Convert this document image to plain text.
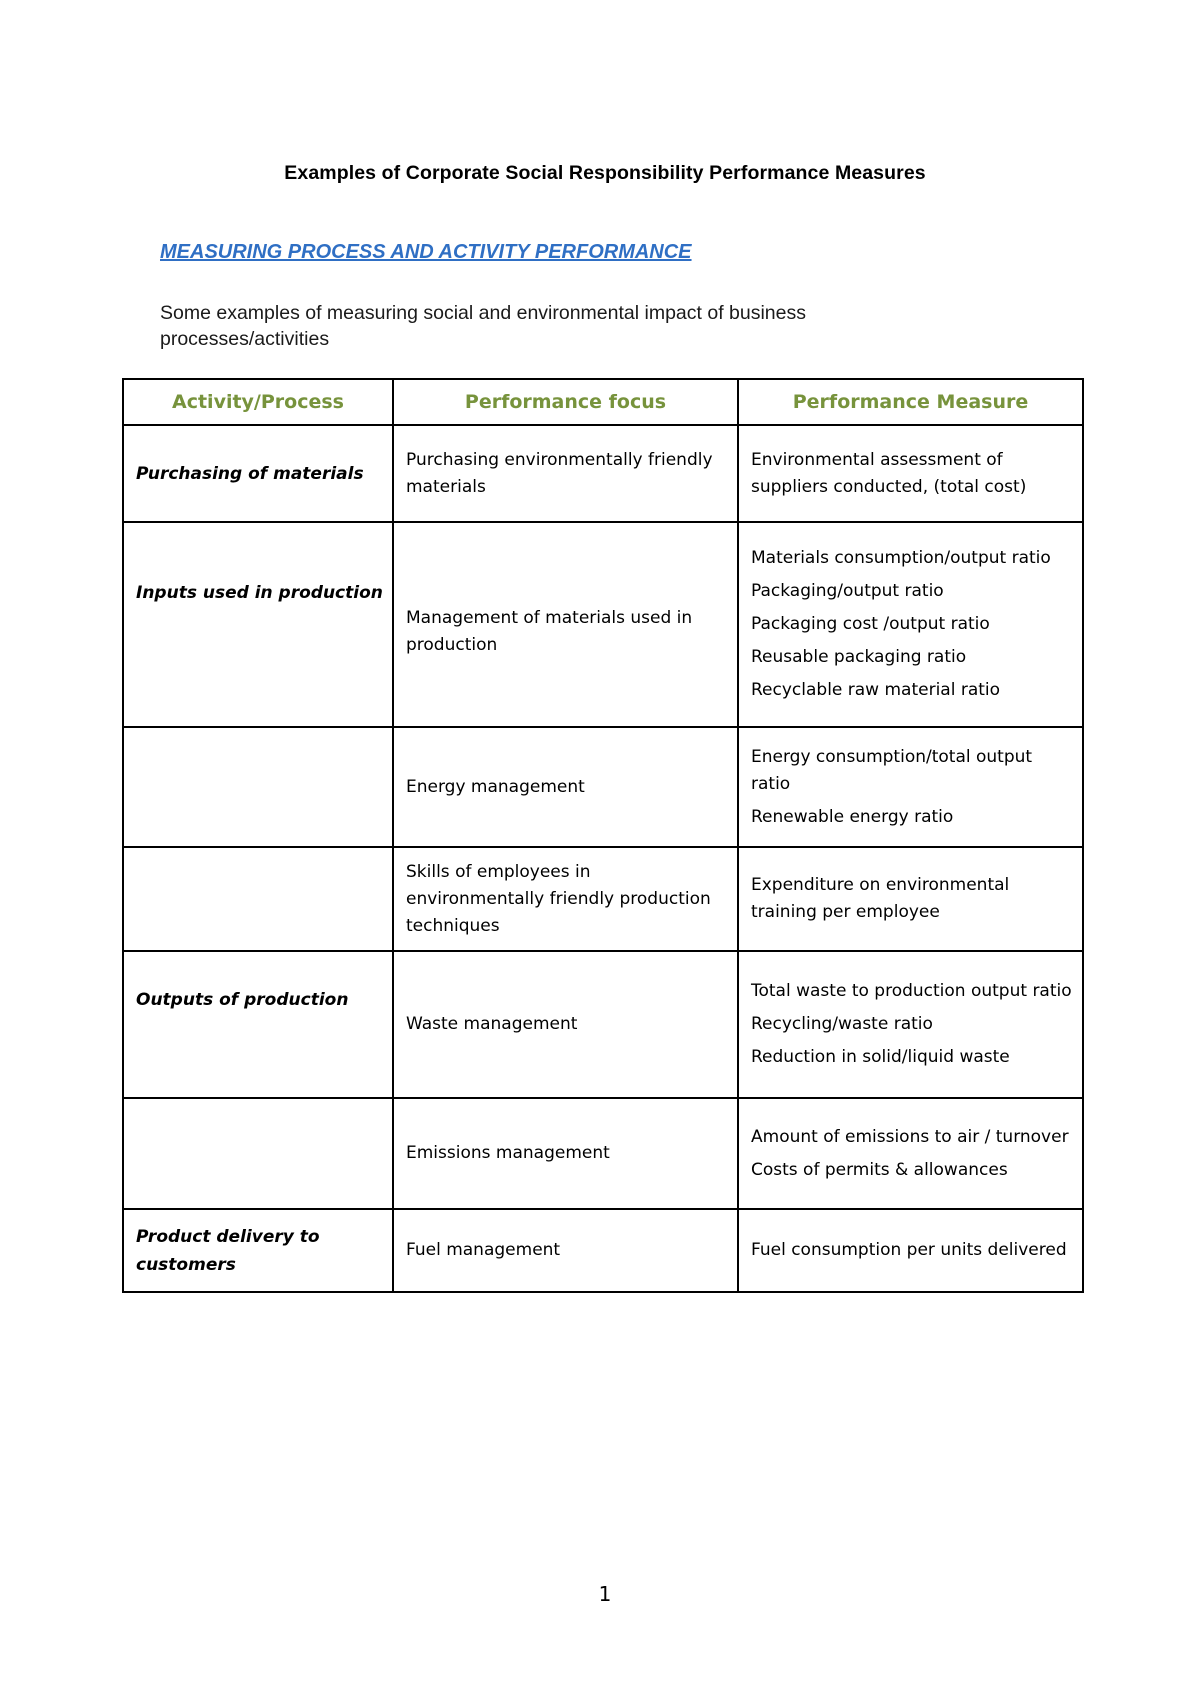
Examples of Corporate Social Responsibility Performance Measures
MEASURING PROCESS AND ACTIVITY PERFORMANCE
Some examples of measuring social and environmental impact of business processes/activities
Activity/Process	Performance focus	Performance Measure
Purchasing of materials	Purchasing environmentally friendly materials	Environmental assessment of suppliers conducted, (total cost)

Inputs used in production	Management of materials used in production	Materials consumption/output ratio
Packaging/output ratio
Packaging cost /output ratio
Reusable packaging ratio
Recyclable raw material ratio

	Energy management	Energy consumption/total output ratio
Renewable energy ratio

	Skills of employees in environmentally friendly production techniques	Expenditure on environmental training per employee

Outputs of production	Waste management	Total waste to production output ratio
Recycling/waste ratio
Reduction in solid/liquid waste

	Emissions management	Amount of emissions to air / turnover
Costs of permits & allowances

Product delivery to customers	Fuel management	Fuel consumption per units delivered
1
